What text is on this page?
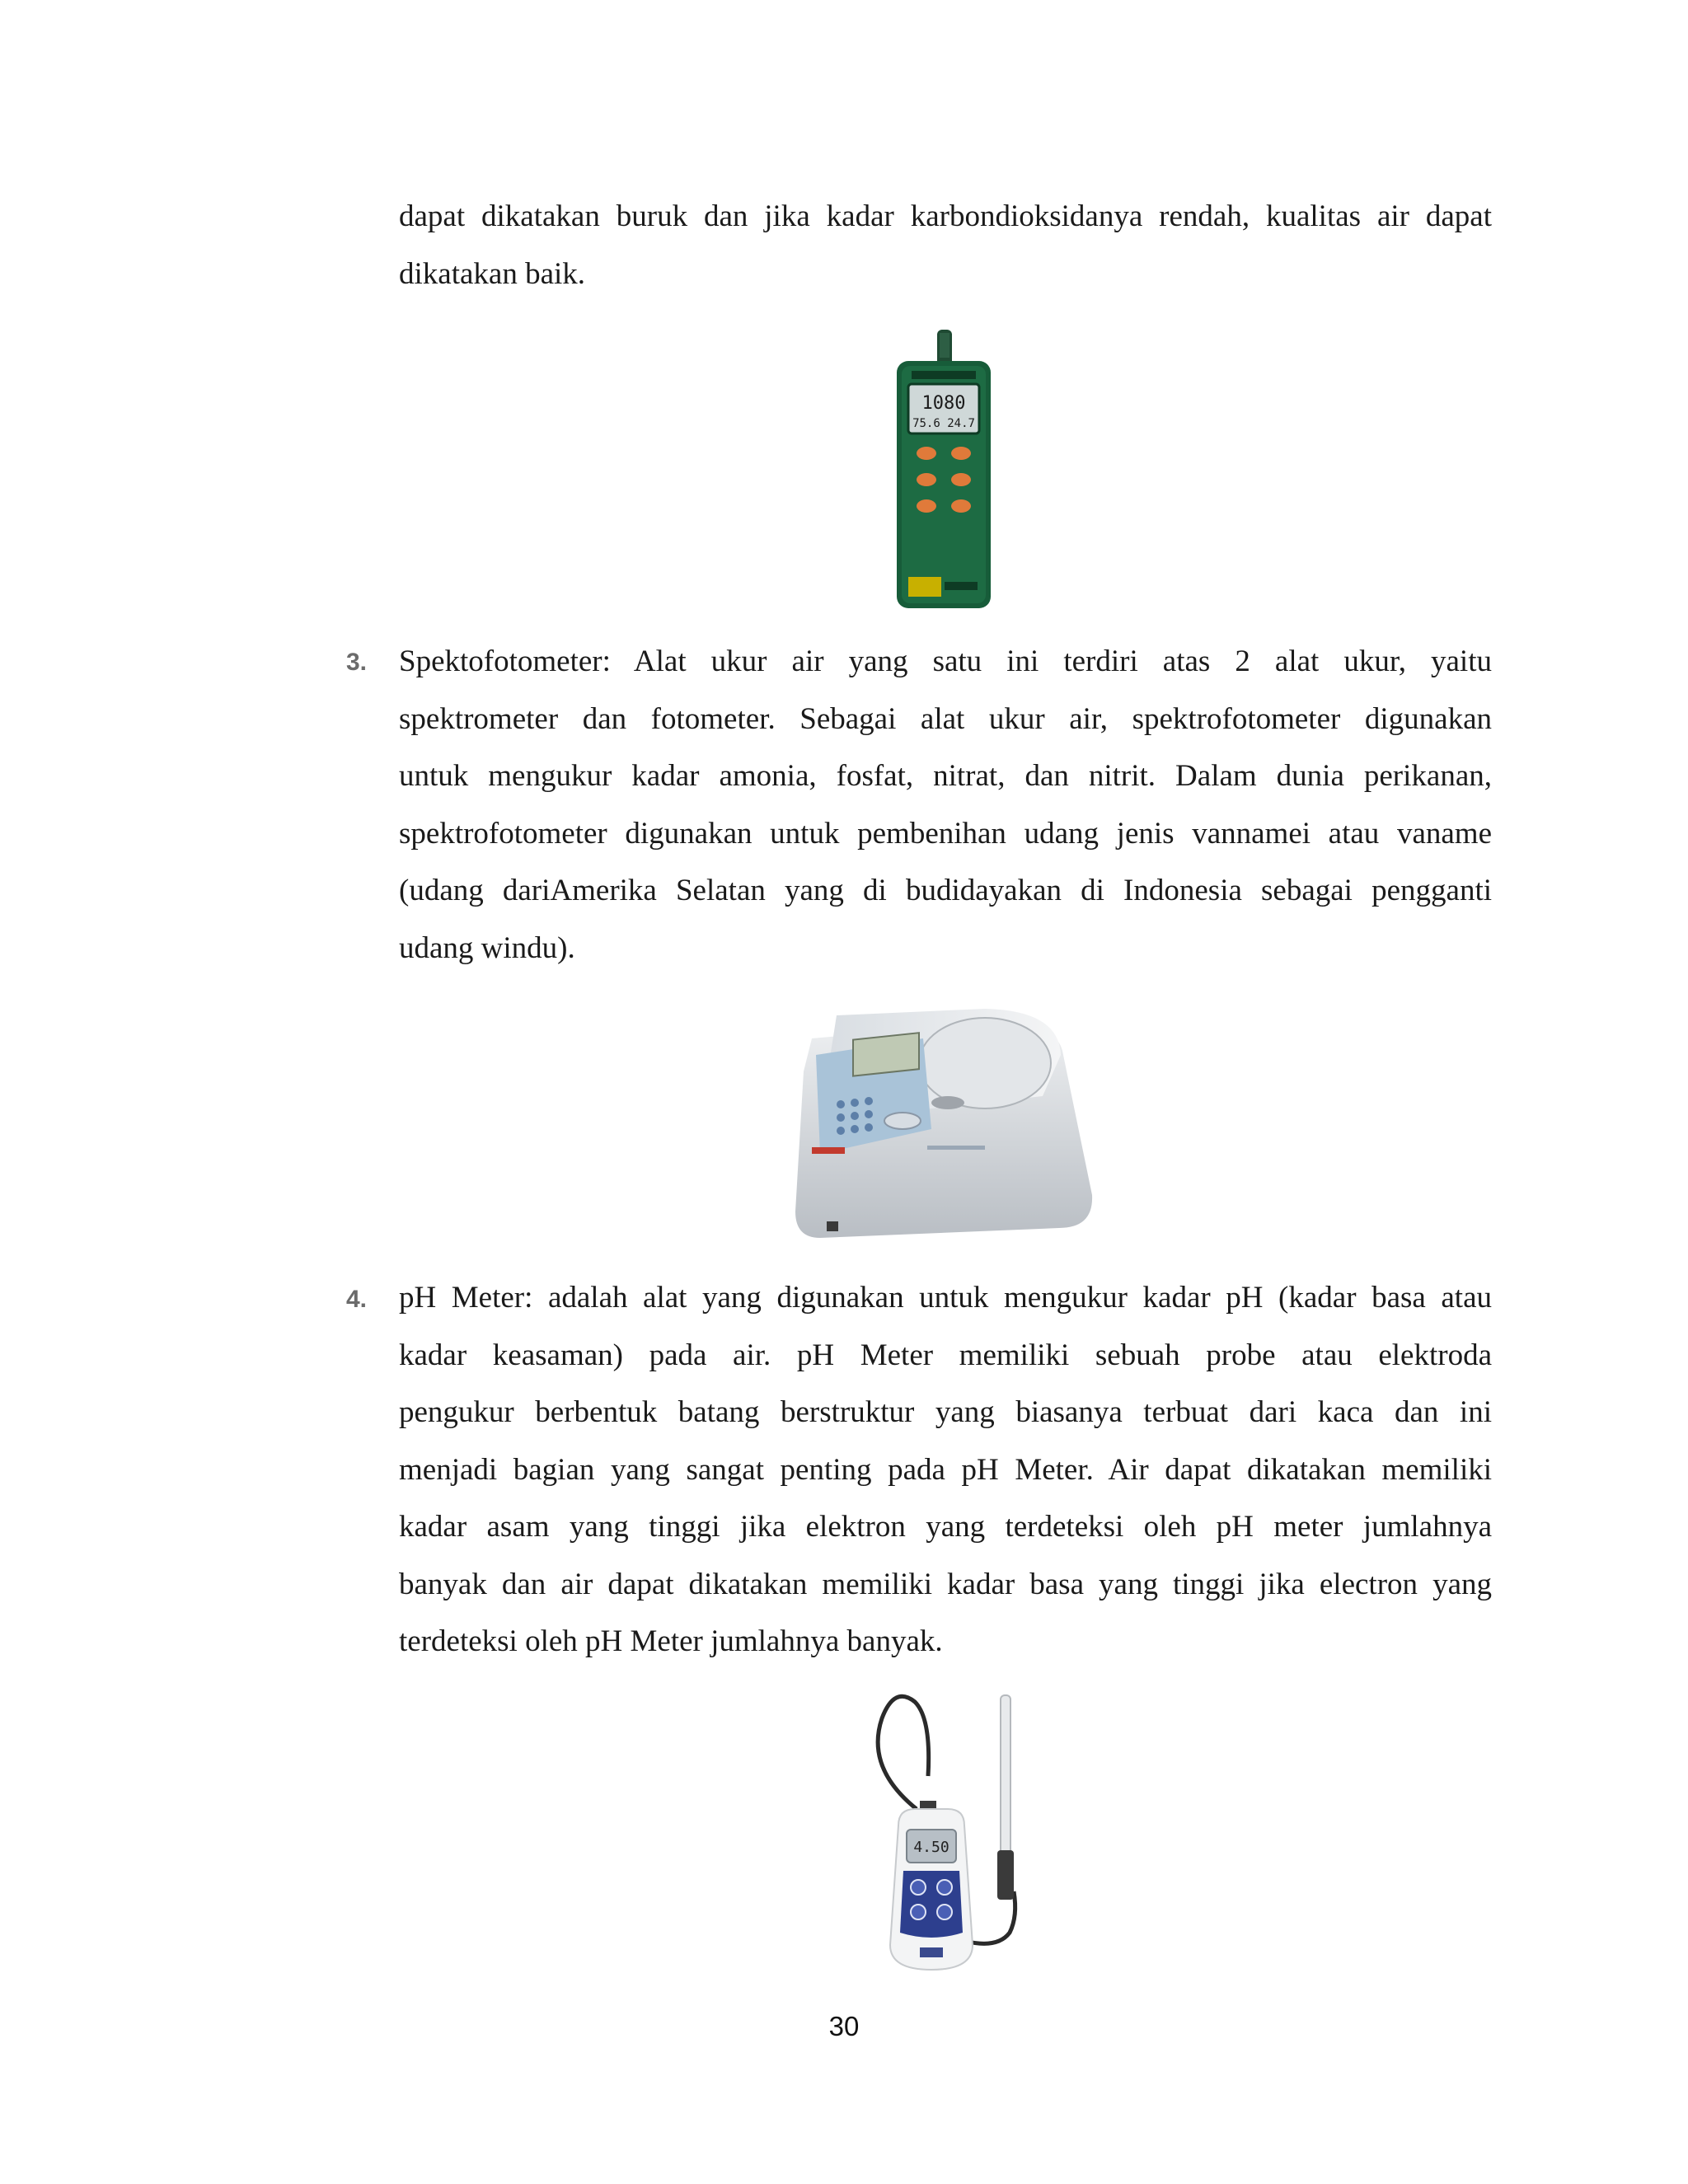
dapat dikatakan buruk dan jika kadar karbondioksidanya rendah, kualitas air dapat
dikatakan baik.
1080
75.6 24.7
3. Spektofotometer: Alat ukur air yang satu ini terdiri atas 2 alat ukur, yaitu
spektrometer dan fotometer. Sebagai alat ukur air, spektrofotometer digunakan
untuk mengukur kadar amonia, fosfat, nitrat, dan nitrit. Dalam dunia perikanan,
spektrofotometer digunakan untuk pembenihan udang jenis vannamei atau vaname
(udang dariAmerika Selatan yang di budidayakan di Indonesia sebagai pengganti
udang windu).
4. pH Meter: adalah alat yang digunakan untuk mengukur kadar pH (kadar basa atau
kadar keasaman) pada air. pH Meter memiliki sebuah probe atau elektroda
pengukur berbentuk batang berstruktur yang biasanya terbuat dari kaca dan ini
menjadi bagian yang sangat penting pada pH Meter. Air dapat dikatakan memiliki
kadar asam yang tinggi jika elektron yang terdeteksi oleh pH meter jumlahnya
banyak dan air dapat dikatakan memiliki kadar basa yang tinggi jika electron yang
terdeteksi oleh pH Meter jumlahnya banyak.
4.50
30
